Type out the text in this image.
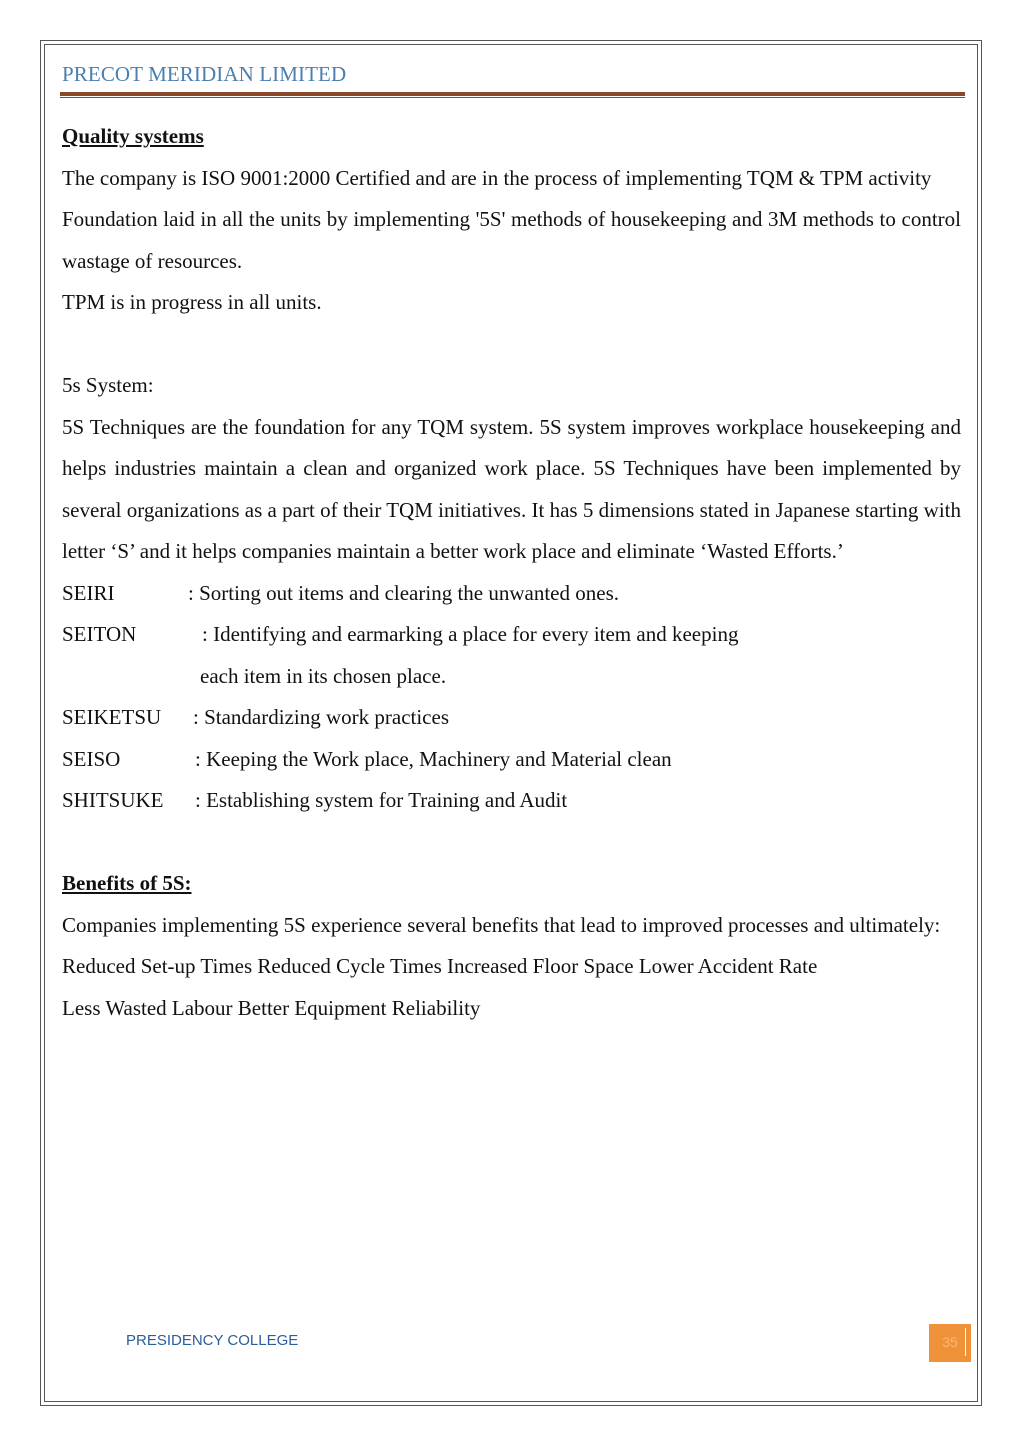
PRECOT MERIDIAN LIMITED
Quality systems
The company is ISO 9001:2000 Certified and are in the process of implementing TQM & TPM activity
Foundation laid in all the units by implementing '5S' methods of housekeeping and 3M methods to control wastage of resources.
TPM is in progress in all units.
5s System:
5S Techniques are the foundation for any TQM system. 5S system improves workplace housekeeping and helps industries maintain a clean and organized work place. 5S Techniques have been implemented by several organizations as a part of their TQM initiatives. It has 5 dimensions stated in Japanese starting with letter ‘S’ and it helps companies maintain a better work place and eliminate ‘Wasted Efforts.’
SEIRI	: Sorting out items and clearing the unwanted ones.
SEITON	: Identifying and earmarking a place for every item and keeping
each item in its chosen place.
SEIKETSU : Standardizing work practices
SEISO	: Keeping the Work place, Machinery and Material clean
SHITSUKE : Establishing system for Training and Audit
Benefits of 5S:
Companies implementing 5S experience several benefits that lead to improved processes and ultimately:
Reduced Set-up Times Reduced Cycle Times Increased Floor Space Lower Accident Rate
Less Wasted Labour Better Equipment Reliability
PRESIDENCY COLLEGE	35
